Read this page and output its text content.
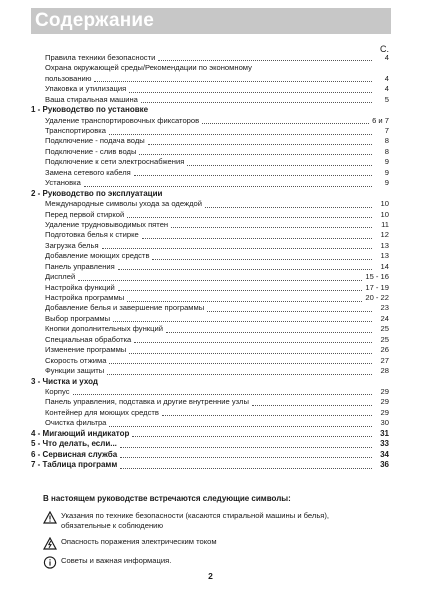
Содержание
С.
Правила техники безопасности	4
Охрана окружающей среды/Рекомендации по экономному
пользованию	4
Упаковка и утилизация	4
Ваша стиральная машина	5
1 - Руководство по установке
Удаление транспортировочных фиксаторов	6 и 7
Транспортировка	7
Подключение - подача воды	8
Подключение - слив воды	8
Подключение к сети электроснабжения	9
Замена сетевого кабеля	9
Установка	9
2 - Руководство по эксплуатации
Международные символы ухода за одеждой	10
Перед первой стиркой	10
Удаление трудновыводимых пятен	11
Подготовка белья к стирке	12
Загрузка белья	13
Добавление моющих средств	13
Панель управления	14
Дисплей	15 - 16
Настройка функций	17 - 19
Настройка программы	20 - 22
Добавление белья и завершение программы	23
Выбор программы	24
Кнопки дополнительных функций	25
Специальная обработка	25
Изменение программы	26
Скорость отжима	27
Функции защиты	28
3 - Чистка и уход
Корпус	29
Панель управления, подставка и другие внутренние узлы	29
Контейнер для моющих средств	29
Очистка фильтра	30
4 - Мигающий индикатор	31
5 - Что делать, если...	33
6 - Сервисная служба	34
7 - Таблица программ	36
В настоящем руководстве встречаются следующие символы:
Указания по технике безопасности (касаются стиральной машины и белья),
обязательные к соблюдению
Опасность поражения электрическим током
Советы и важная информация.
2
